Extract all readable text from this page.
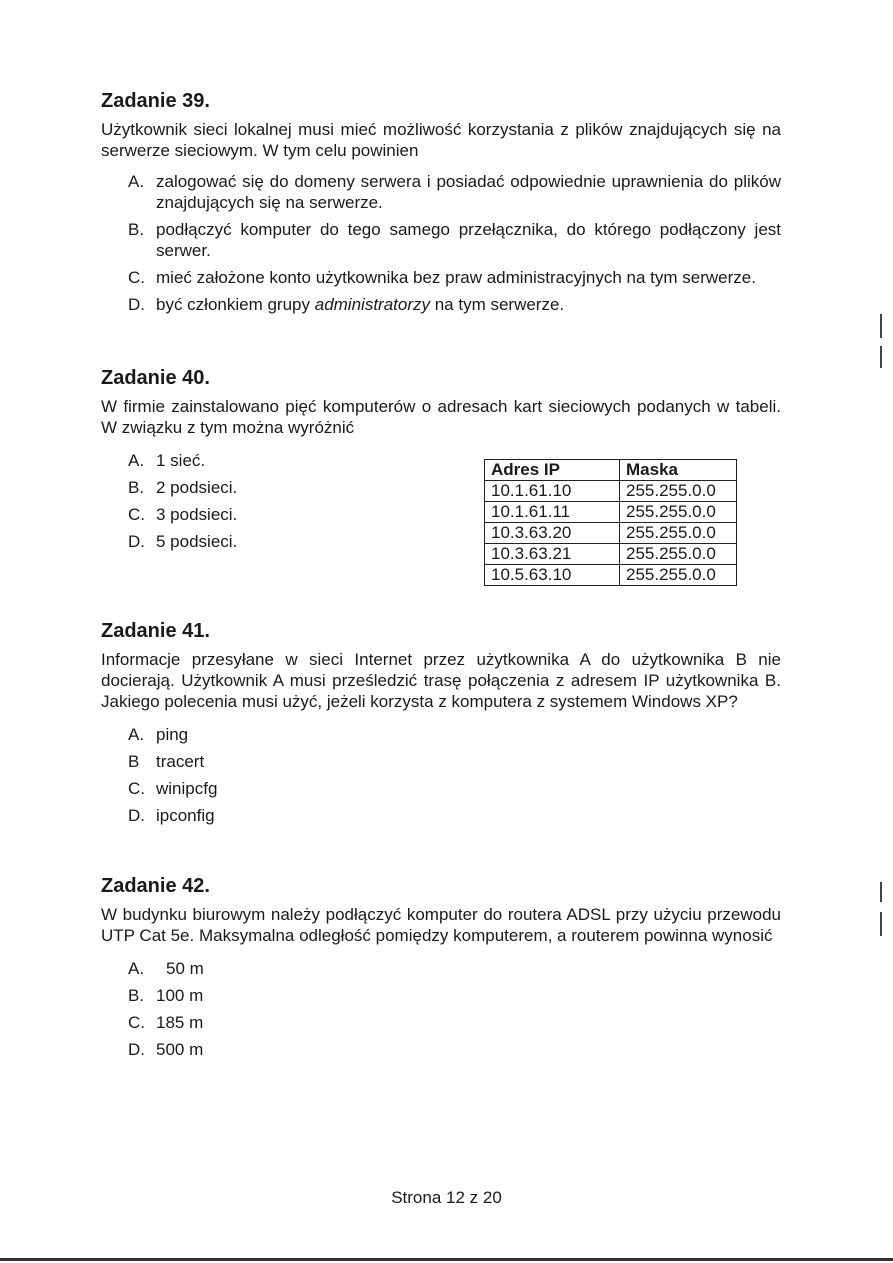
Zadanie 39.

Użytkownik sieci lokalnej musi mieć możliwość korzystania z plików znajdujących się na serwerze sieciowym. W tym celu powinien

A. zalogować się do domeny serwera i posiadać odpowiednie uprawnienia do plików znajdujących się na serwerze.
B. podłączyć komputer do tego samego przełącznika, do którego podłączony jest serwer.
C. mieć założone konto użytkownika bez praw administracyjnych na tym serwerze.
D. być członkiem grupy administratorzy na tym serwerze.
Zadanie 40.

W firmie zainstalowano pięć komputerów o adresach kart sieciowych podanych w tabeli. W związku z tym można wyróżnić

A. 1 sieć.
B. 2 podsieci.
C. 3 podsieci.
D. 5 podsieci.
Adres IP	Maska
10.1.61.10	255.255.0.0
10.1.61.11	255.255.0.0
10.3.63.20	255.255.0.0
10.3.63.21	255.255.0.0
10.5.63.10	255.255.0.0
Zadanie 41.

Informacje przesyłane w sieci Internet przez użytkownika A do użytkownika B nie docierają. Użytkownik A musi prześledzić trasę połączenia z adresem IP użytkownika B. Jakiego polecenia musi użyć, jeżeli korzysta z komputera z systemem Windows XP?

A. ping
B tracert
C. winipcfg
D. ipconfig
Zadanie 42.

W budynku biurowym należy podłączyć komputer do routera ADSL przy użyciu przewodu UTP Cat 5e. Maksymalna odległość pomiędzy komputerem, a routerem powinna wynosić

A.	50 m
B. 100 m
C. 185 m
D. 500 m
Strona 12 z 20
